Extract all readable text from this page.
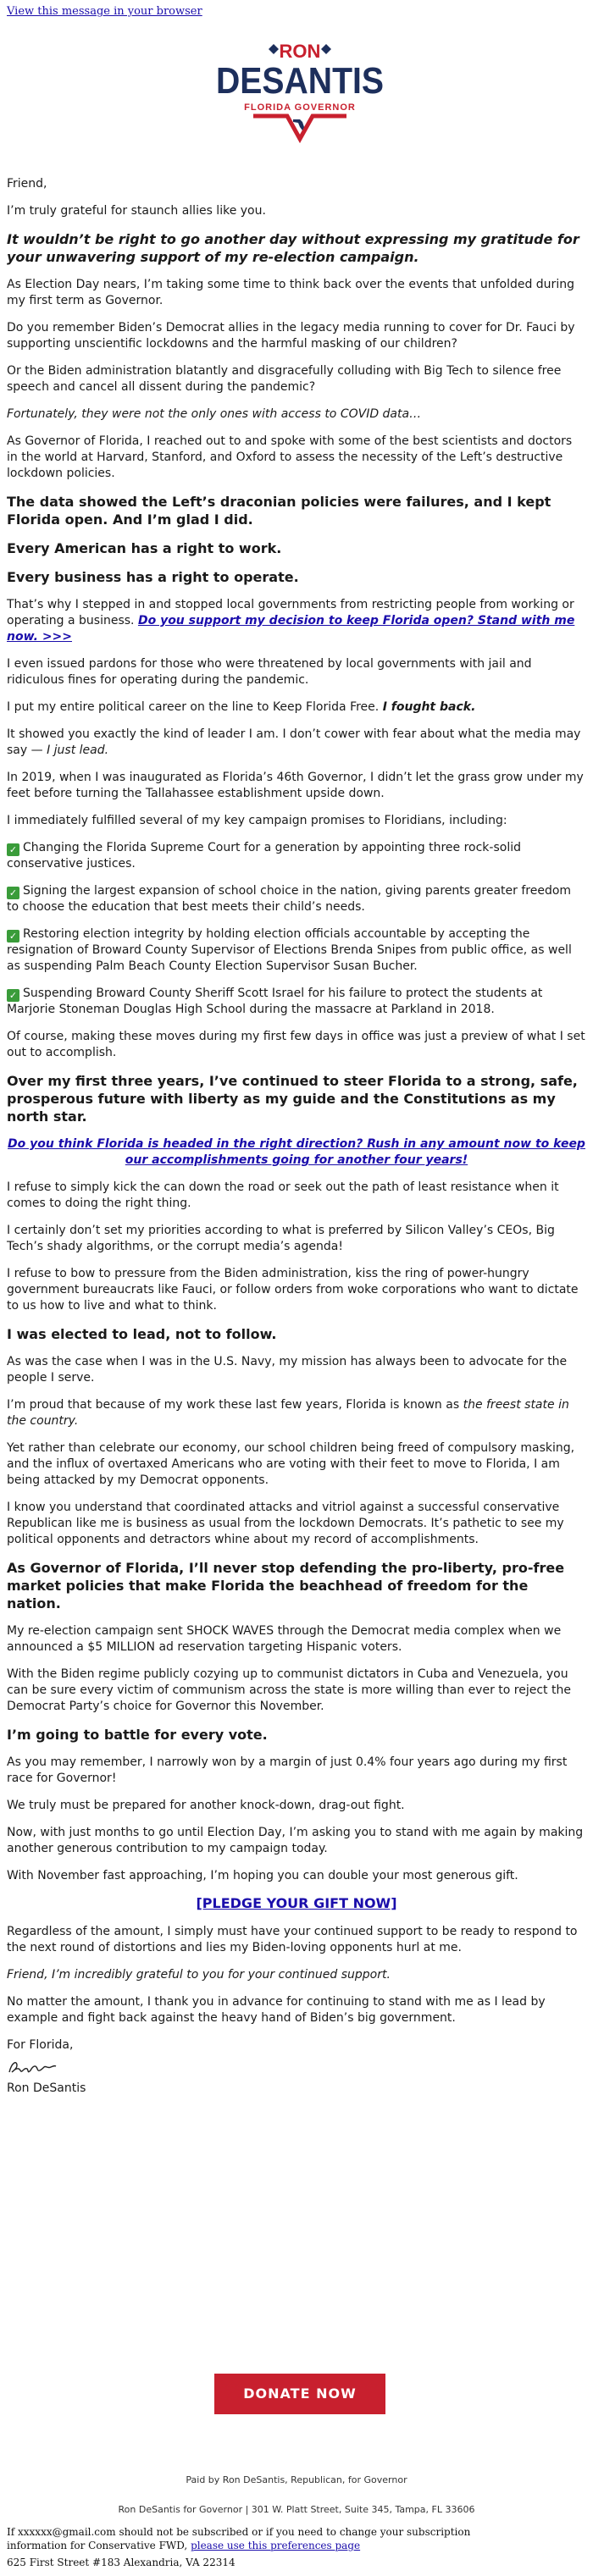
View this message in your browser
RON
DESANTIS
FLORIDA GOVERNOR

Friend,

I’m truly grateful for staunch allies like you.

It wouldn’t be right to go another day without expressing my gratitude for your unwavering support of my re-election campaign.

As Election Day nears, I’m taking some time to think back over the events that unfolded during my first term as Governor.

Do you remember Biden’s Democrat allies in the legacy media running to cover for Dr. Fauci by supporting unscientific lockdowns and the harmful masking of our children?

Or the Biden administration blatantly and disgracefully colluding with Big Tech to silence free speech and cancel all dissent during the pandemic?

Fortunately, they were not the only ones with access to COVID data…

As Governor of Florida, I reached out to and spoke with some of the best scientists and doctors in the world at Harvard, Stanford, and Oxford to assess the necessity of the Left’s destructive lockdown policies.

The data showed the Left’s draconian policies were failures, and I kept Florida open. And I’m glad I did.

Every American has a right to work.

Every business has a right to operate.

That’s why I stepped in and stopped local governments from restricting people from working or operating a business. Do you support my decision to keep Florida open? Stand with me now. >>>

I even issued pardons for those who were threatened by local governments with jail and ridiculous fines for operating during the pandemic.

I put my entire political career on the line to Keep Florida Free. I fought back.

It showed you exactly the kind of leader I am. I don’t cower with fear about what the media may say — I just lead.

In 2019, when I was inaugurated as Florida’s 46th Governor, I didn’t let the grass grow under my feet before turning the Tallahassee establishment upside down.

I immediately fulfilled several of my key campaign promises to Floridians, including:

✓ Changing the Florida Supreme Court for a generation by appointing three rock-solid conservative justices.

✓ Signing the largest expansion of school choice in the nation, giving parents greater freedom to choose the education that best meets their child’s needs.

✓ Restoring election integrity by holding election officials accountable by accepting the resignation of Broward County Supervisor of Elections Brenda Snipes from public office, as well as suspending Palm Beach County Election Supervisor Susan Bucher.

✓ Suspending Broward County Sheriff Scott Israel for his failure to protect the students at Marjorie Stoneman Douglas High School during the massacre at Parkland in 2018.

Of course, making these moves during my first few days in office was just a preview of what I set out to accomplish.

Over my first three years, I’ve continued to steer Florida to a strong, safe, prosperous future with liberty as my guide and the Constitutions as my north star.

Do you think Florida is headed in the right direction? Rush in any amount now to keep our accomplishments going for another four years!

I refuse to simply kick the can down the road or seek out the path of least resistance when it comes to doing the right thing.

I certainly don’t set my priorities according to what is preferred by Silicon Valley’s CEOs, Big Tech’s shady algorithms, or the corrupt media’s agenda!

I refuse to bow to pressure from the Biden administration, kiss the ring of power-hungry government bureaucrats like Fauci, or follow orders from woke corporations who want to dictate to us how to live and what to think.

I was elected to lead, not to follow.

As was the case when I was in the U.S. Navy, my mission has always been to advocate for the people I serve.

I’m proud that because of my work these last few years, Florida is known as the freest state in the country.

Yet rather than celebrate our economy, our school children being freed of compulsory masking, and the influx of overtaxed Americans who are voting with their feet to move to Florida, I am being attacked by my Democrat opponents.

I know you understand that coordinated attacks and vitriol against a successful conservative Republican like me is business as usual from the lockdown Democrats. It’s pathetic to see my political opponents and detractors whine about my record of accomplishments.

As Governor of Florida, I’ll never stop defending the pro-liberty, pro-free market policies that make Florida the beachhead of freedom for the nation.

My re-election campaign sent SHOCK WAVES through the Democrat media complex when we announced a $5 MILLION ad reservation targeting Hispanic voters.

With the Biden regime publicly cozying up to communist dictators in Cuba and Venezuela, you can be sure every victim of communism across the state is more willing than ever to reject the Democrat Party’s choice for Governor this November.

I’m going to battle for every vote.

As you may remember, I narrowly won by a margin of just 0.4% four years ago during my first race for Governor!

We truly must be prepared for another knock-down, drag-out fight.

Now, with just months to go until Election Day, I’m asking you to stand with me again by making another generous contribution to my campaign today.

With November fast approaching, I’m hoping you can double your most generous gift.

[PLEDGE YOUR GIFT NOW]

Regardless of the amount, I simply must have your continued support to be ready to respond to the next round of distortions and lies my Biden-loving opponents hurl at me.

Friend, I’m incredibly grateful to you for your continued support.

No matter the amount, I thank you in advance for continuing to stand with me as I lead by example and fight back against the heavy hand of Biden’s big government.

For Florida,

Ron DeSantis

DONATE NOW
Paid by Ron DeSantis, Republican, for Governor
Ron DeSantis for Governor | 301 W. Platt Street, Suite 345, Tampa, FL 33606
If xxxxxx@gmail.com should not be subscribed or if you need to change your subscription information for Conservative FWD, please use this preferences page
625 First Street #183 Alexandria, VA 22314
